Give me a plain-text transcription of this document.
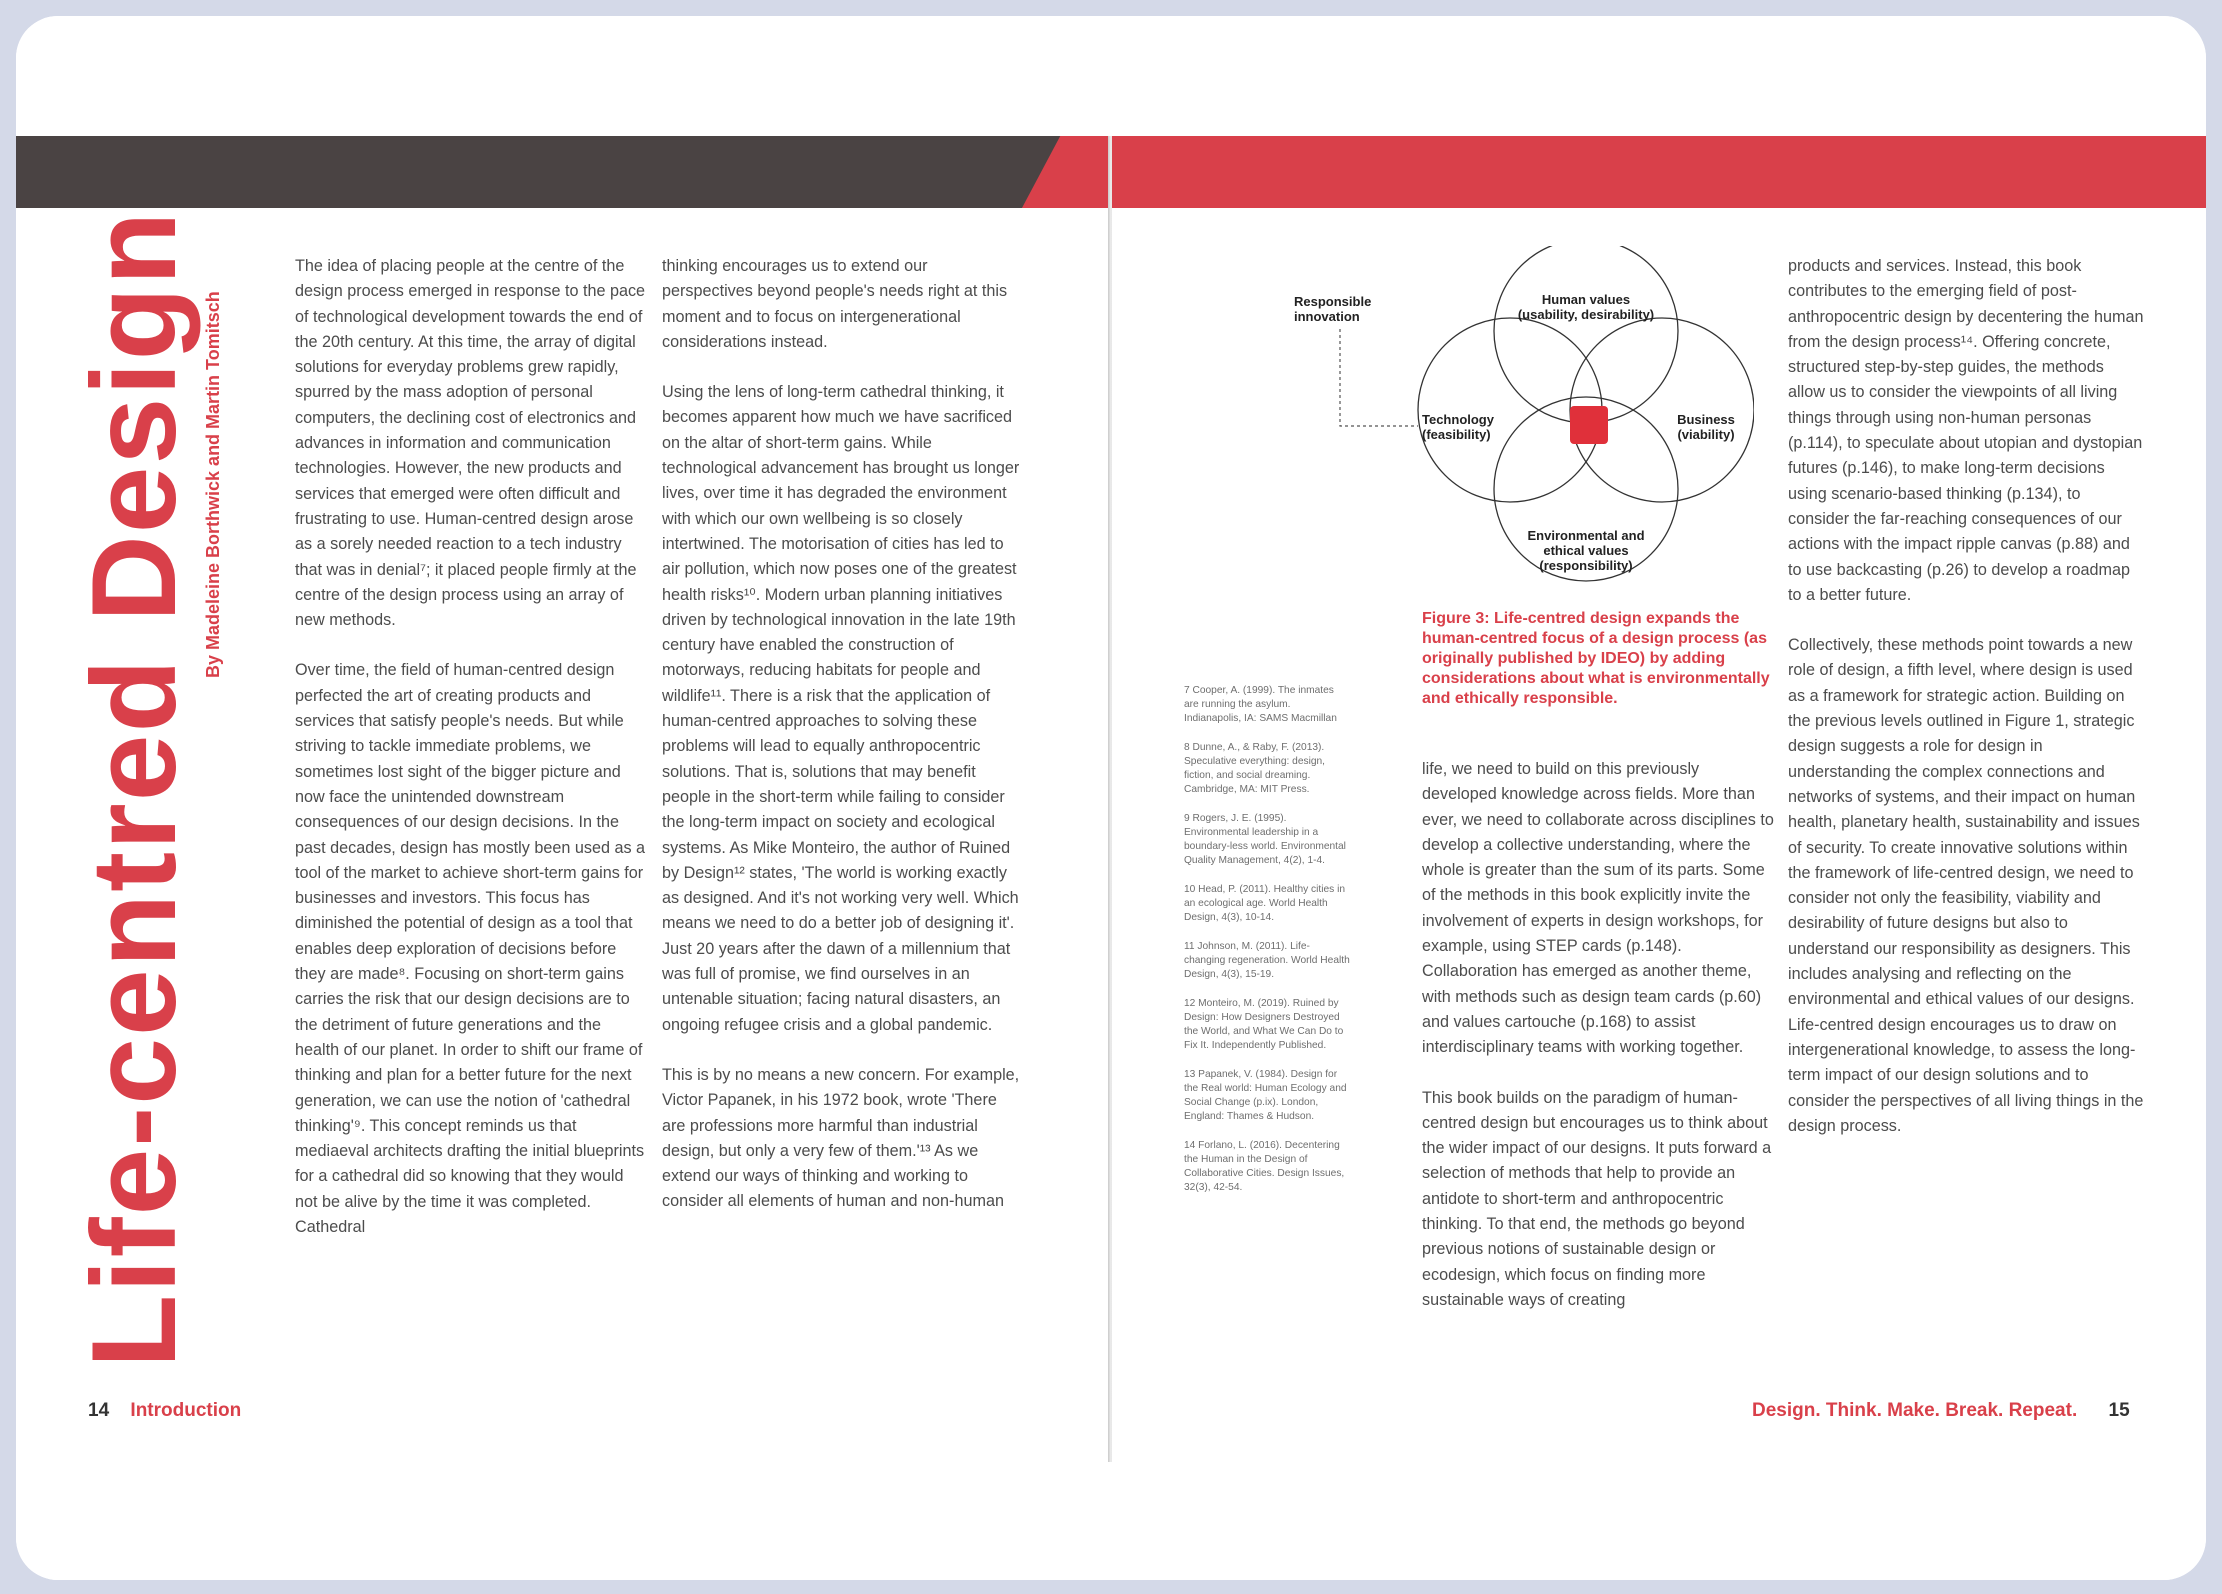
Life-centred Design By Madeleine Borthwick and Martin Tomitsch

The idea of placing people at the centre of the design process emerged in response to the pace of technological development towards the end of the 20th century. At this time, the array of digital solutions for everyday problems grew rapidly, spurred by the mass adoption of personal computers, the declining cost of electronics and advances in information and communication technologies. However, the new products and services that emerged were often difficult and frustrating to use. Human-centred design arose as a sorely needed reaction to a tech industry that was in denial⁷; it placed people firmly at the centre of the design process using an array of new methods.

Over time, the field of human-centred design perfected the art of creating products and services that satisfy people's needs. But while striving to tackle immediate problems, we sometimes lost sight of the bigger picture and now face the unintended downstream consequences of our design decisions. In the past decades, design has mostly been used as a tool of the market to achieve short-term gains for businesses and investors. This focus has diminished the potential of design as a tool that enables deep exploration of decisions before they are made⁸. Focusing on short-term gains carries the risk that our design decisions are to the detriment of future generations and the health of our planet. In order to shift our frame of thinking and plan for a better future for the next generation, we can use the notion of 'cathedral thinking'⁹. This concept reminds us that mediaeval architects drafting the initial blueprints for a cathedral did so knowing that they would not be alive by the time it was completed. Cathedral

thinking encourages us to extend our perspectives beyond people's needs right at this moment and to focus on intergenerational considerations instead.

Using the lens of long-term cathedral thinking, it becomes apparent how much we have sacrificed on the altar of short-term gains. While technological advancement has brought us longer lives, over time it has degraded the environment with which our own wellbeing is so closely intertwined. The motorisation of cities has led to air pollution, which now poses one of the greatest health risks¹⁰. Modern urban planning initiatives driven by technological innovation in the late 19th century have enabled the construction of motorways, reducing habitats for people and wildlife¹¹. There is a risk that the application of human-centred approaches to solving these problems will lead to equally anthropocentric solutions. That is, solutions that may benefit people in the short-term while failing to consider the long-term impact on society and ecological systems. As Mike Monteiro, the author of Ruined by Design¹² states, 'The world is working exactly as designed. And it's not working very well. Which means we need to do a better job of designing it'. Just 20 years after the dawn of a millennium that was full of promise, we find ourselves in an untenable situation; facing natural disasters, an ongoing refugee crisis and a global pandemic.

This is by no means a new concern. For example, Victor Papanek, in his 1972 book, wrote 'There are professions more harmful than industrial design, but only a very few of them.'¹³ As we extend our ways of thinking and working to consider all elements of human and non-human

14 Introduction
Responsible
innovation
Human values
(usability, desirability)
Technology
(feasibility)
Business
(viability)
Environmental and
ethical values
(responsibility)
Figure 3: Life-centred design expands the human-centred focus of a design process (as originally published by IDEO) by adding considerations about what is environmentally and ethically responsible.
7 Cooper, A. (1999). The inmates are running the asylum. Indianapolis, IA: SAMS Macmillan
8 Dunne, A., & Raby, F. (2013). Speculative everything: design, fiction, and social dreaming. Cambridge, MA: MIT Press.
9 Rogers, J. E. (1995). Environmental leadership in a boundary-less world. Environmental Quality Management, 4(2), 1-4.
10 Head, P. (2011). Healthy cities in an ecological age. World Health Design, 4(3), 10-14.
11 Johnson, M. (2011). Life-changing regeneration. World Health Design, 4(3), 15-19.
12 Monteiro, M. (2019). Ruined by Design: How Designers Destroyed the World, and What We Can Do to Fix It. Independently Published.
13 Papanek, V. (1984). Design for the Real world: Human Ecology and Social Change (p.ix). London, England: Thames & Hudson.
14 Forlano, L. (2016). Decentering the Human in the Design of Collaborative Cities. Design Issues, 32(3), 42-54.

life, we need to build on this previously developed knowledge across fields. More than ever, we need to collaborate across disciplines to develop a collective understanding, where the whole is greater than the sum of its parts. Some of the methods in this book explicitly invite the involvement of experts in design workshops, for example, using STEP cards (p.148). Collaboration has emerged as another theme, with methods such as design team cards (p.60) and values cartouche (p.168) to assist interdisciplinary teams with working together.

This book builds on the paradigm of human-centred design but encourages us to think about the wider impact of our designs. It puts forward a selection of methods that help to provide an antidote to short-term and anthropocentric thinking. To that end, the methods go beyond previous notions of sustainable design or ecodesign, which focus on finding more sustainable ways of creating

products and services. Instead, this book contributes to the emerging field of post-anthropocentric design by decentering the human from the design process¹⁴. Offering concrete, structured step-by-step guides, the methods allow us to consider the viewpoints of all living things through using non-human personas (p.114), to speculate about utopian and dystopian futures (p.146), to make long-term decisions using scenario-based thinking (p.134), to consider the far-reaching consequences of our actions with the impact ripple canvas (p.88) and to use backcasting (p.26) to develop a roadmap to a better future.

Collectively, these methods point towards a new role of design, a fifth level, where design is used as a framework for strategic action. Building on the previous levels outlined in Figure 1, strategic design suggests a role for design in understanding the complex connections and networks of systems, and their impact on human health, planetary health, sustainability and issues of security. To create innovative solutions within the framework of life-centred design, we need to consider not only the feasibility, viability and desirability of future designs but also to understand our responsibility as designers. This includes analysing and reflecting on the environmental and ethical values of our designs. Life-centred design encourages us to draw on intergenerational knowledge, to assess the long-term impact of our design solutions and to consider the perspectives of all living things in the design process.

Design. Think. Make. Break. Repeat. 15
